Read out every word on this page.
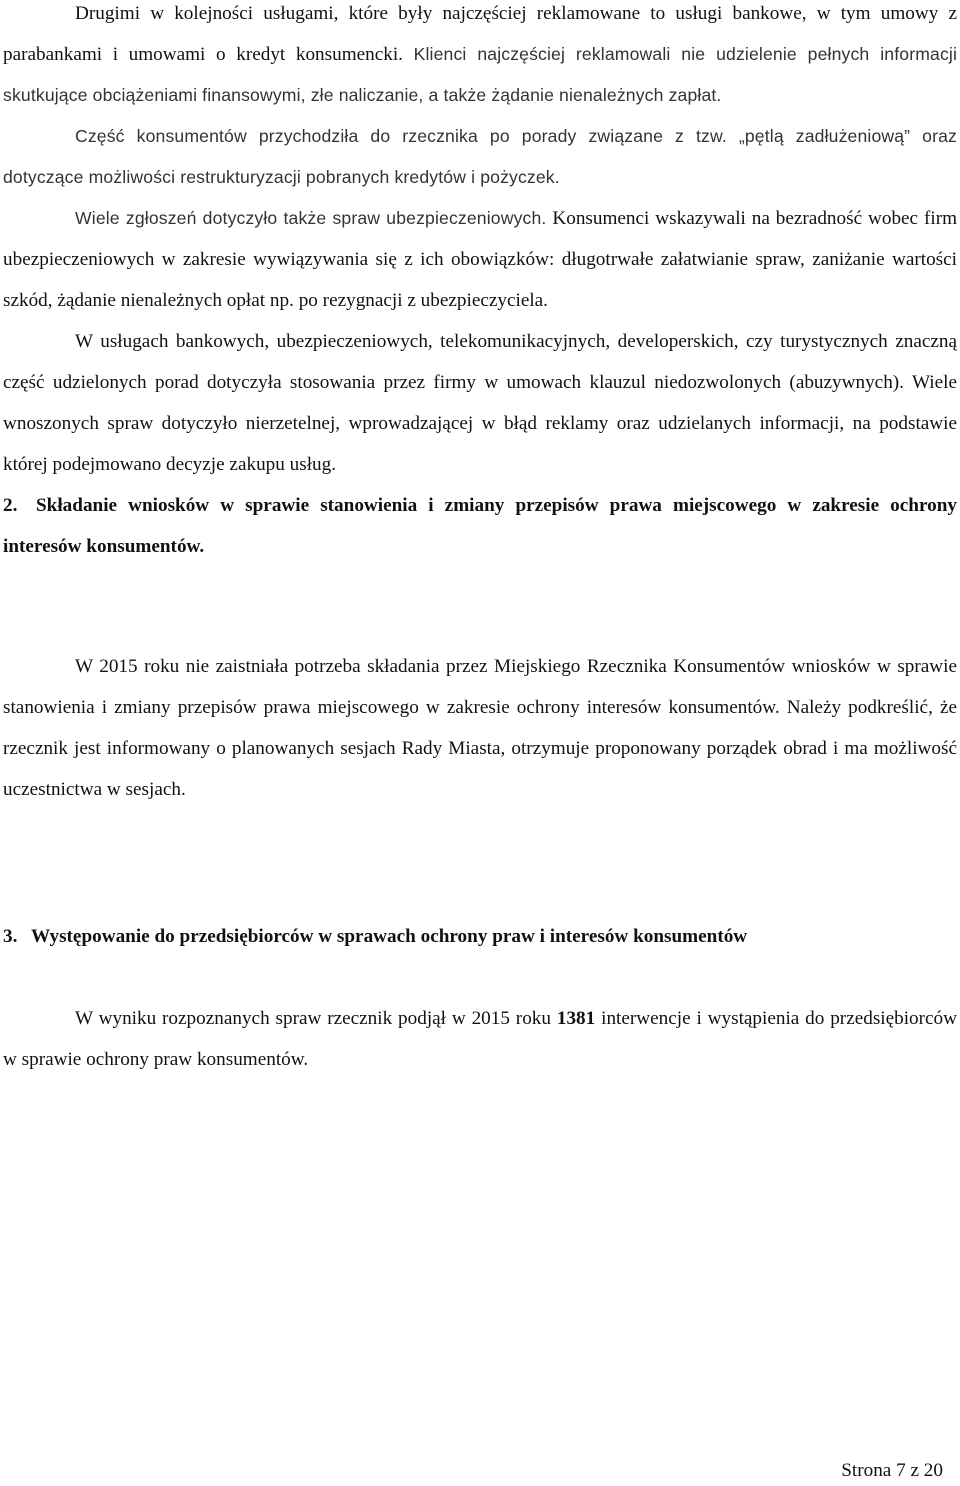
Drugimi w kolejności usługami, które były najczęściej reklamowane to usługi bankowe, w tym umowy z parabankami i umowami o kredyt konsumencki. Klienci najczęściej reklamowali nie udzielenie pełnych informacji skutkujące obciążeniami finansowymi, złe naliczanie, a także żądanie nienależnych zapłat.

Część konsumentów przychodziła do rzecznika po porady związane z tzw. „pętlą zadłużeniową” oraz dotyczące możliwości restrukturyzacji pobranych kredytów i pożyczek.

Wiele zgłoszeń dotyczyło także spraw ubezpieczeniowych. Konsumenci wskazywali na bezradność wobec firm ubezpieczeniowych w zakresie wywiązywania się z ich obowiązków: długotrwałe załatwianie spraw, zaniżanie wartości szkód, żądanie nienależnych opłat np. po rezygnacji z ubezpieczyciela.

W usługach bankowych, ubezpieczeniowych, telekomunikacyjnych, developerskich, czy turystycznych znaczną część udzielonych porad dotyczyła stosowania przez firmy w umowach klauzul niedozwolonych (abuzywnych). Wiele wnoszonych spraw dotyczyło nierzetelnej, wprowadzającej w błąd reklamy oraz udzielanych informacji, na podstawie której podejmowano decyzje zakupu usług.

2. Składanie wniosków w sprawie stanowienia i zmiany przepisów prawa miejscowego w zakresie ochrony interesów konsumentów.

W 2015 roku nie zaistniała potrzeba składania przez Miejskiego Rzecznika Konsumentów wniosków w sprawie stanowienia i zmiany przepisów prawa miejscowego w zakresie ochrony interesów konsumentów. Należy podkreślić, że rzecznik jest informowany o planowanych sesjach Rady Miasta, otrzymuje proponowany porządek obrad i ma możliwość uczestnictwa w sesjach.

3. Występowanie do przedsiębiorców w sprawach ochrony praw i interesów konsumentów

W wyniku rozpoznanych spraw rzecznik podjął w 2015 roku 1381 interwencje i wystąpienia do przedsiębiorców w sprawie ochrony praw konsumentów.

Strona 7 z 20
